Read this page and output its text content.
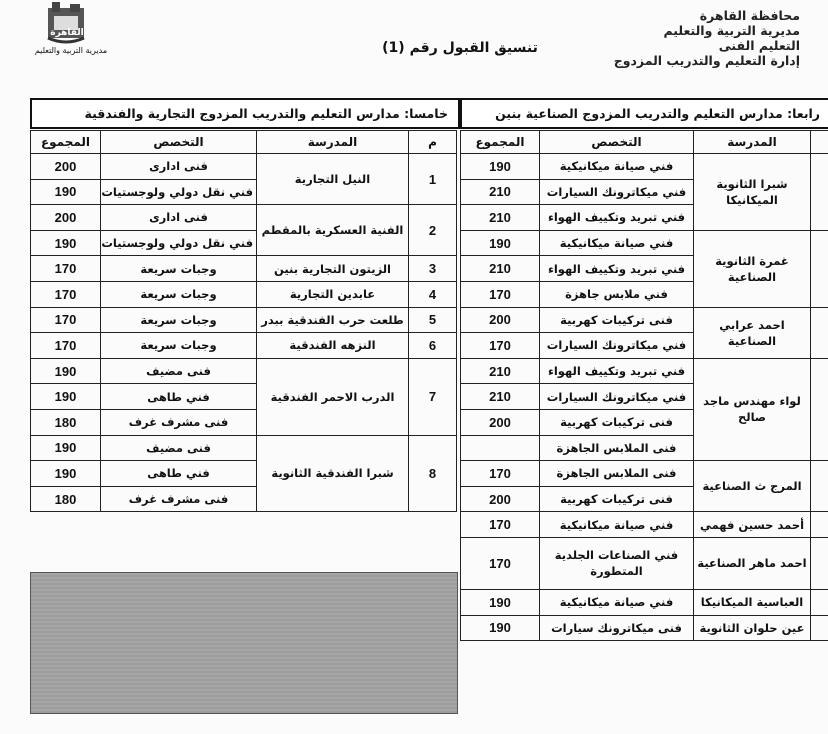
محافظة القاهرة
مديرية التربية والتعليم
التعليم الفنى
إدارة التعليم والتدريب المزدوج
القاهرة
مديرية التربية والتعليم	تنسيق القبول رقم (1)
رابعا: مدارس التعليم والتدريب المزدوج الصناعية بنين
المجموع	التخصص	المدرسة	
190	فني صيانة ميكانيكية	شبرا الثانوية الميكانيكا	
210	فني ميكاترونك السيارات		
210	فني تبريد وتكييف الهواء		
190	فني صيانة ميكانيكية	غمرة الثانوية الصناعية	
210	فني تبريد وتكييف الهواء		
170	فني ملابس جاهزة		
200	فنى تركيبات كهربية	احمد عرابي الصناعية	
170	فني ميكاترونك السيارات		
210	فني تبريد وتكييف الهواء	لواء مهندس ماجد صالح	
210	فني ميكاترونك السيارات		
200	فنى تركيبات كهربية		
	فنى الملابس الجاهزة		
170	فنى الملابس الجاهزة	المرج ث الصناعية	
200	فنى تركيبات كهربية		
170	فني صيانة ميكانيكية	أحمد حسين فهمي	
170	فني الصناعات الجلدية المتطورة	احمد ماهر الصناعية	
190	فني صيانة ميكانيكية	العباسية الميكانيكا	
190	فنى ميكاترونك سيارات	عين حلوان الثانوية	
خامسا: مدارس التعليم والتدريب المزدوج التجارية والفندقية
المجموع	التخصص	المدرسة	م
200	فنى ادارى	النيل التجارية	1
190	فني نقل دولي ولوجستيات		
200	فنى ادارى	الفنية العسكرية بالمقطم	2
190	فني نقل دولي ولوجستيات		
170	وجبات سريعة	الزيتون التجارية بنين	3
170	وجبات سريعة	عابدين التجارية	4
170	وجبات سريعة	طلعت حرب الفندقية ببدر	5
170	وجبات سريعة	النزهه الفندقية	6
190	فنى مضيف	الدرب الاحمر الفندقية	7
190	فني طاهى		
180	فنى مشرف غرف		
190	فنى مضيف	شبرا الفندقية الثانوية	8
190	فني طاهى		
180	فنى مشرف غرف		
